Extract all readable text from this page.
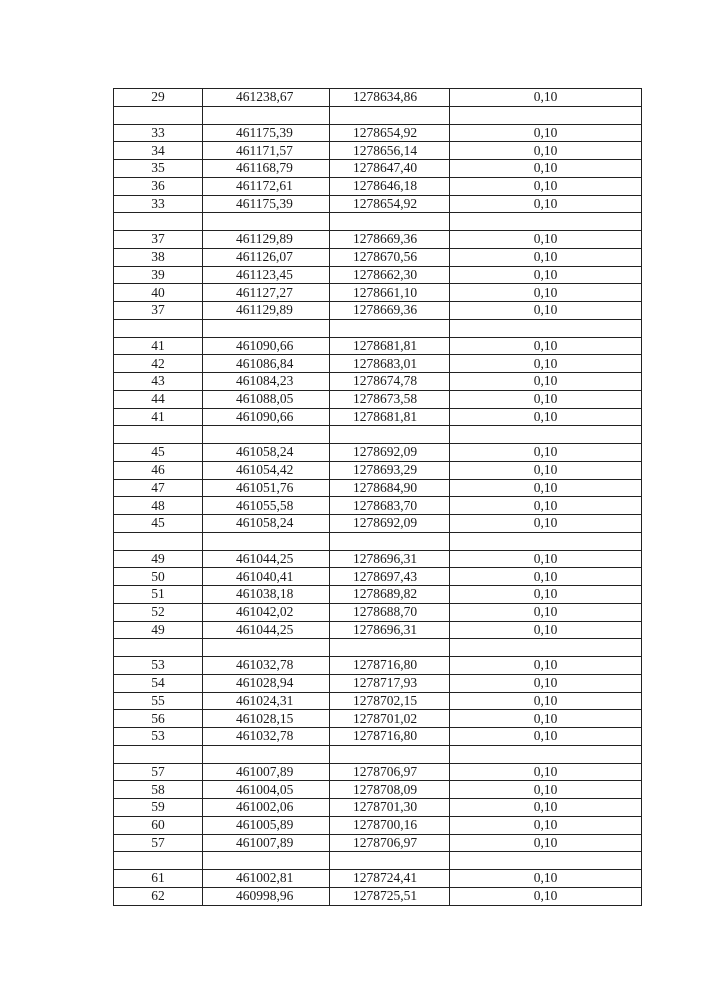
29	461238,67	1278634,86	0,10

33	461175,39	1278654,92	0,10
34	461171,57	1278656,14	0,10
35	461168,79	1278647,40	0,10
36	461172,61	1278646,18	0,10
33	461175,39	1278654,92	0,10

37	461129,89	1278669,36	0,10
38	461126,07	1278670,56	0,10
39	461123,45	1278662,30	0,10
40	461127,27	1278661,10	0,10
37	461129,89	1278669,36	0,10

41	461090,66	1278681,81	0,10
42	461086,84	1278683,01	0,10
43	461084,23	1278674,78	0,10
44	461088,05	1278673,58	0,10
41	461090,66	1278681,81	0,10

45	461058,24	1278692,09	0,10
46	461054,42	1278693,29	0,10
47	461051,76	1278684,90	0,10
48	461055,58	1278683,70	0,10
45	461058,24	1278692,09	0,10

49	461044,25	1278696,31	0,10
50	461040,41	1278697,43	0,10
51	461038,18	1278689,82	0,10
52	461042,02	1278688,70	0,10
49	461044,25	1278696,31	0,10

53	461032,78	1278716,80	0,10
54	461028,94	1278717,93	0,10
55	461024,31	1278702,15	0,10
56	461028,15	1278701,02	0,10
53	461032,78	1278716,80	0,10

57	461007,89	1278706,97	0,10
58	461004,05	1278708,09	0,10
59	461002,06	1278701,30	0,10
60	461005,89	1278700,16	0,10
57	461007,89	1278706,97	0,10

61	461002,81	1278724,41	0,10
62	460998,96	1278725,51	0,10
